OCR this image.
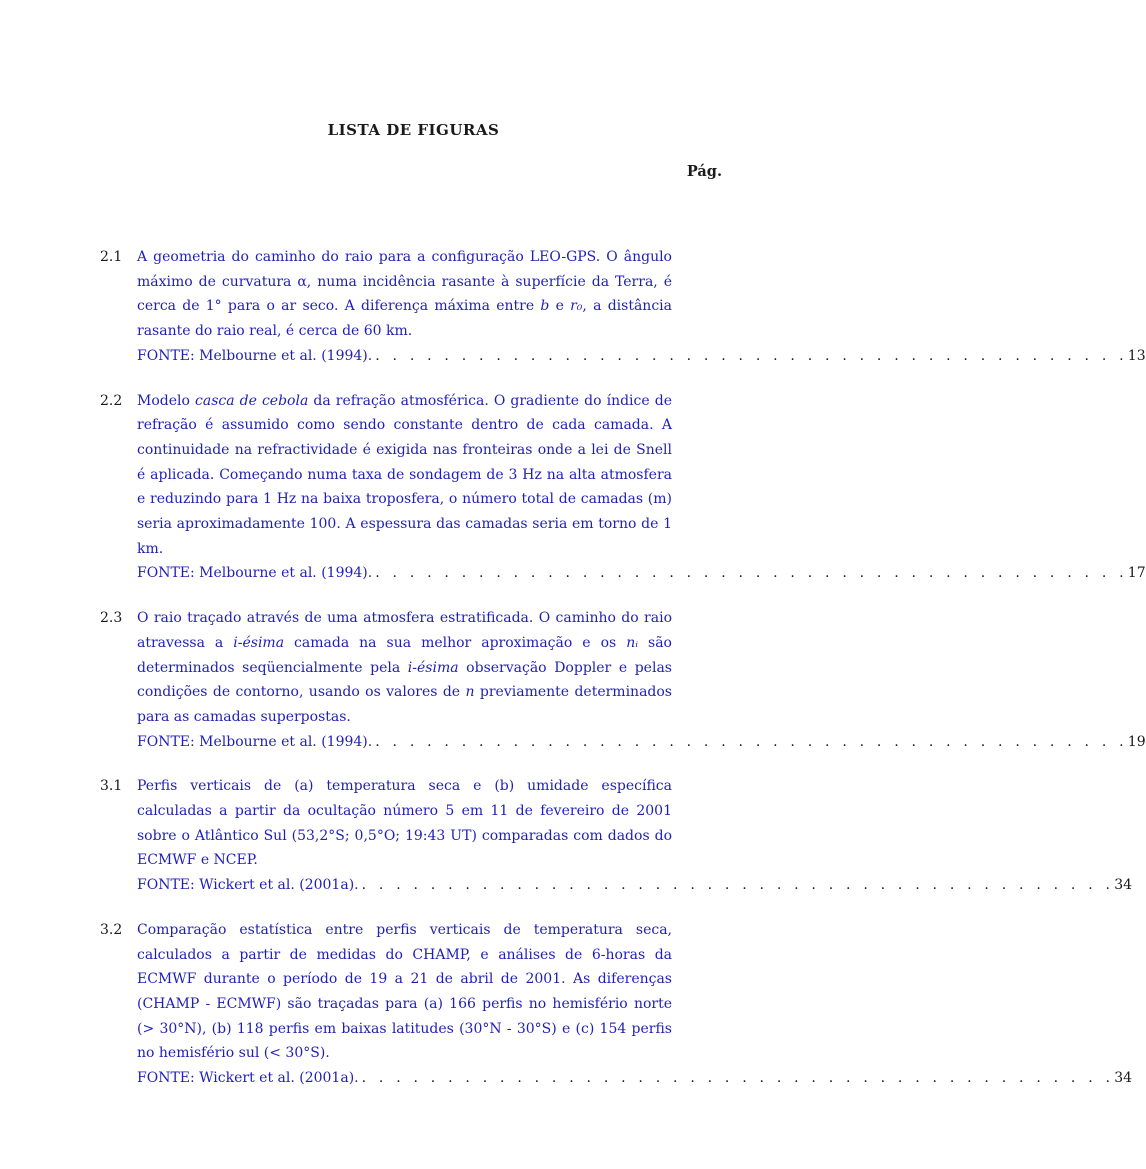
LISTA DE FIGURAS
Pág.
2.1	A geometria do caminho do raio para a configuração LEO-GPS. O ângulo máximo de curvatura α, numa incidência rasante à superfície da Terra, é cerca de 1° para o ar seco. A diferença máxima entre b e r₀, a distância rasante do raio real, é cerca de 60 km.

FONTE: Melbourne et al. (1994). . . . . . . . . . . . . . . . . . . . . . . . . . . . . . . . . . . . . . . . . . . . . 13
2.2	Modelo casca de cebola da refração atmosférica. O gradiente do índice de refração é assumido como sendo constante dentro de cada camada. A continuidade na refractividade é exigida nas fronteiras onde a lei de Snell é aplicada. Começando numa taxa de sondagem de 3 Hz na alta atmosfera e reduzindo para 1 Hz na baixa troposfera, o número total de camadas (m) seria aproximadamente 100. A espessura das camadas seria em torno de 1 km.

FONTE: Melbourne et al. (1994). . . . . . . . . . . . . . . . . . . . . . . . . . . . . . . . . . . . . . . . . . . . . 17
2.3	O raio traçado através de uma atmosfera estratificada. O caminho do raio atravessa a i-ésima camada na sua melhor aproximação e os nᵢ são determinados seqüencialmente pela i-ésima observação Doppler e pelas condições de contorno, usando os valores de n previamente determinados para as camadas superpostas.

FONTE: Melbourne et al. (1994). . . . . . . . . . . . . . . . . . . . . . . . . . . . . . . . . . . . . . . . . . . . . 19
3.1	Perfis verticais de (a) temperatura seca e (b) umidade específica calculadas a partir da ocultação número 5 em 11 de fevereiro de 2001 sobre o Atlântico Sul (53,2°S; 0,5°O; 19:43 UT) comparadas com dados do ECMWF e NCEP.

FONTE: Wickert et al. (2001a). . . . . . . . . . . . . . . . . . . . . . . . . . . . . . . . . . . . . . . . . . . . . 34
3.2	Comparação estatística entre perfis verticais de temperatura seca, calculados a partir de medidas do CHAMP, e análises de 6-horas da ECMWF durante o período de 19 a 21 de abril de 2001. As diferenças (CHAMP - ECMWF) são traçadas para (a) 166 perfis no hemisfério norte (> 30°N), (b) 118 perfis em baixas latitudes (30°N - 30°S) e (c) 154 perfis no hemisfério sul (< 30°S).

FONTE: Wickert et al. (2001a). . . . . . . . . . . . . . . . . . . . . . . . . . . . . . . . . . . . . . . . . . . . . 34
